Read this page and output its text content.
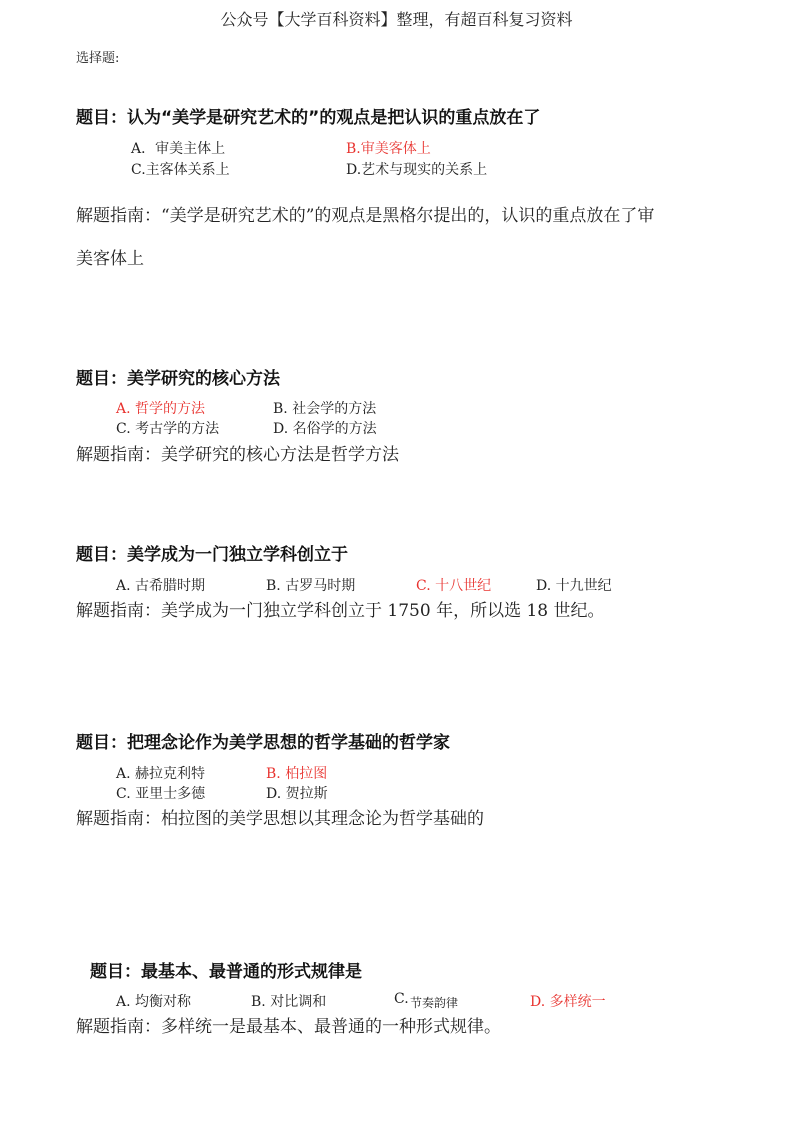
公众号【大学百科资料】整理，有超百科复习资料
选择题:
题目：认为“美学是研究艺术的”的观点是把认识的重点放在了
A．审美主体上	B.审美客体上
C.主客体关系上	D.艺术与现实的关系上
解题指南：“美学是研究艺术的”的观点是黑格尔提出的，认识的重点放在了审
美客体上
题目：美学研究的核心方法
A. 哲学的方法	B. 社会学的方法
C. 考古学的方法	D. 名俗学的方法
解题指南：美学研究的核心方法是哲学方法
题目：美学成为一门独立学科创立于
A. 古希腊时期	B. 古罗马时期	C. 十八世纪	D. 十九世纪
解题指南：美学成为一门独立学科创立于 1750 年，所以选 18 世纪。
题目：把理念论作为美学思想的哲学基础的哲学家
A. 赫拉克利特	B. 柏拉图
C. 亚里士多德	D. 贺拉斯
解题指南：柏拉图的美学思想以其理念论为哲学基础的
题目：最基本、最普通的形式规律是
A. 均衡对称	B. 对比调和	C. 节奏韵律	D. 多样统一
解题指南：多样统一是最基本、最普通的一种形式规律。
